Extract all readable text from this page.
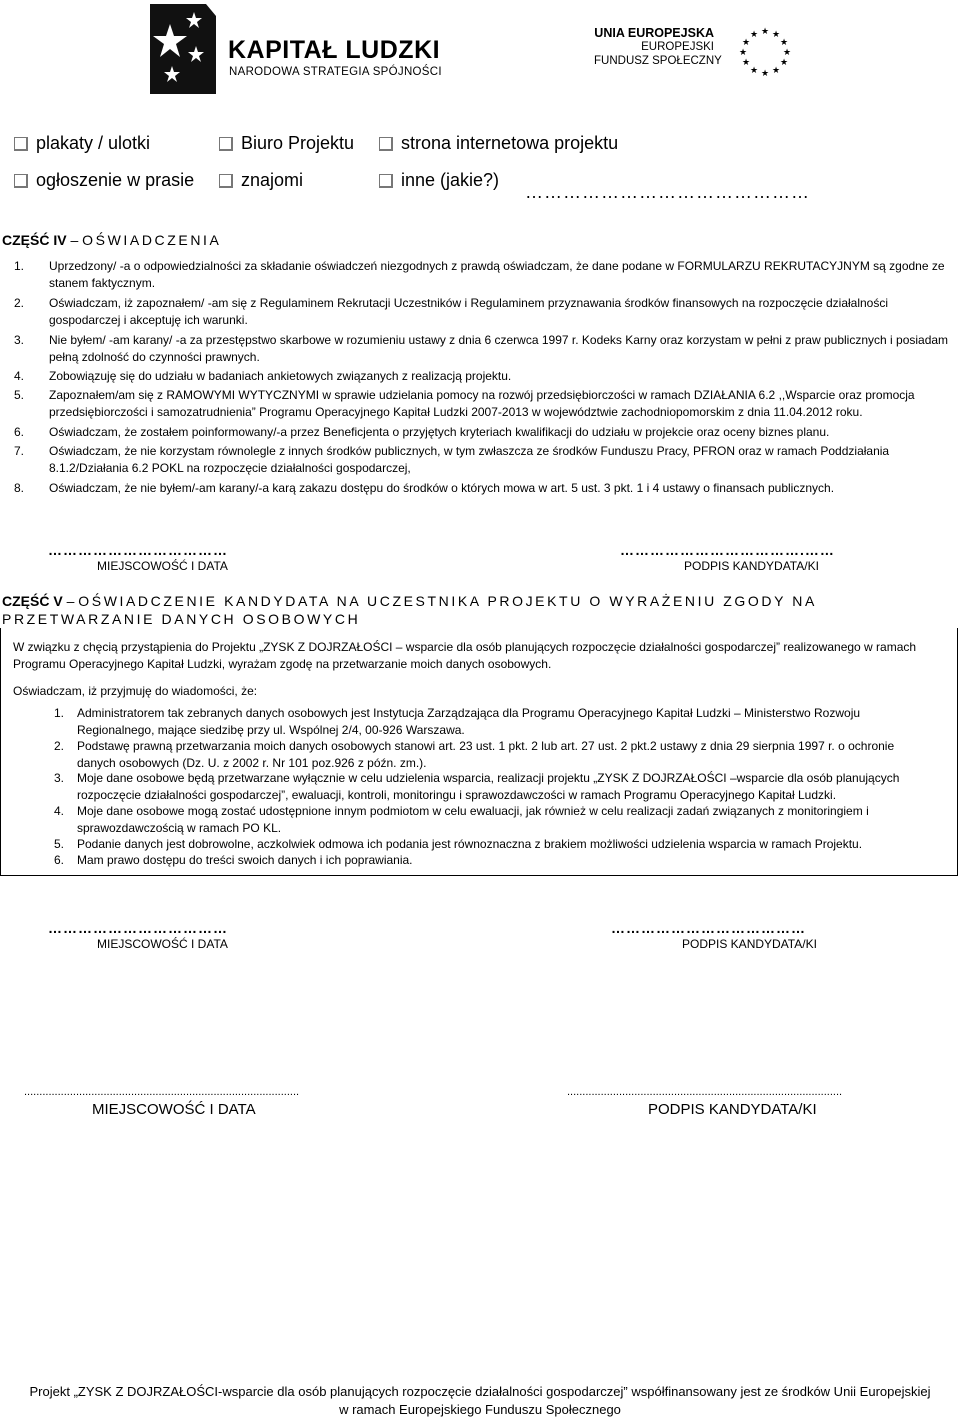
KAPITAŁ LUDZKI
NARODOWA STRATEGIA SPÓJNOŚCI
UNIA EUROPEJSKA
EUROPEJSKI
FUNDUSZ SPOŁECZNY
★ ★
★
★
★
★
★
★
★
★
★
★
plakaty / ulotki	Biuro Projektu	strona internetowa projektu
ogłoszenie w prasie	znajomi	inne (jakie?)
………………………………………
CZĘŚĆ IV – OŚWIADCZENIA
1. Uprzedzony/ -a o odpowiedzialności za składanie oświadczeń niezgodnych z prawdą oświadczam, że dane podane w FORMULARZU REKRUTACYJNYM są zgodne ze stanem faktycznym.
2. Oświadczam, iż zapoznałem/ -am się z Regulaminem Rekrutacji Uczestników i Regulaminem przyznawania środków finansowych na rozpoczęcie działalności gospodarczej i akceptuję ich warunki.
3. Nie byłem/ -am karany/ -a za przestępstwo skarbowe w rozumieniu ustawy z dnia 6 czerwca 1997 r. Kodeks Karny oraz korzystam w pełni z praw publicznych i posiadam pełną zdolność do czynności prawnych.
4. Zobowiązuję się do udziału w badaniach ankietowych związanych z realizacją projektu.
5. Zapoznałem/am się z RAMOWYMI WYTYCZNYMI w sprawie udzielania pomocy na rozwój przedsiębiorczości w ramach DZIAŁANIA 6.2 ,,Wsparcie oraz promocja przedsiębiorczości i samozatrudnienia” Programu Operacyjnego Kapitał Ludzki 2007-2013 w województwie zachodniopomorskim z dnia 11.04.2012 roku.
6. Oświadczam, że zostałem poinformowany/-a przez Beneficjenta o przyjętych kryteriach kwalifikacji do udziału w projekcie oraz oceny biznes planu.
7. Oświadczam, że nie korzystam równolegle z innych środków publicznych, w tym zwłaszcza ze środków Funduszu Pracy, PFRON oraz w ramach Poddziałania 8.1.2/Działania 6.2 POKL na rozpoczęcie działalności gospodarczej,
8. Oświadczam, że nie byłem/-am karany/-a karą zakazu dostępu do środków o których mowa w art. 5 ust. 3 pkt. 1 i 4 ustawy o finansach publicznych.
………………………………
MIEJSCOWOŚĆ I DATA
……………………………….……
PODPIS KANDYDATA/KI
CZĘŚĆ V – OŚWIADCZENIE KANDYDATA NA UCZESTNIKA PROJEKTU O WYRAŻENIU ZGODY NA
PRZETWARZANIE DANYCH OSOBOWYCH
W związku z chęcią przystąpienia do Projektu „ZYSK Z DOJRZAŁOŚCI – wsparcie dla osób planujących rozpoczęcie działalności gospodarczej” realizowanego w ramach Programu Operacyjnego Kapitał Ludzki, wyrażam zgodę na przetwarzanie moich danych osobowych.
Oświadczam, iż przyjmuję do wiadomości, że:
1. Administratorem tak zebranych danych osobowych jest Instytucja Zarządzająca dla Programu Operacyjnego Kapitał Ludzki – Ministerstwo Rozwoju Regionalnego, mające siedzibę przy ul. Wspólnej 2/4, 00-926 Warszawa.
2. Podstawę prawną przetwarzania moich danych osobowych stanowi art. 23 ust. 1 pkt. 2 lub art. 27 ust. 2 pkt.2 ustawy z dnia 29 sierpnia 1997 r. o ochronie danych osobowych (Dz. U. z 2002 r. Nr 101 poz.926 z późn. zm.).
3. Moje dane osobowe będą przetwarzane wyłącznie w celu udzielenia wsparcia, realizacji projektu „ZYSK Z DOJRZAŁOŚCI –wsparcie dla osób planujących rozpoczęcie działalności gospodarczej”, ewaluacji, kontroli, monitoringu i sprawozdawczości w ramach Programu Operacyjnego Kapitał Ludzki.
4. Moje dane osobowe mogą zostać udostępnione innym podmiotom w celu ewaluacji, jak również w celu realizacji zadań związanych z monitoringiem i sprawozdawczością w ramach PO KL.
5. Podanie danych jest dobrowolne, aczkolwiek odmowa ich podania jest równoznaczna z brakiem możliwości udzielenia wsparcia w ramach Projektu.
6. Mam prawo dostępu do treści swoich danych i ich poprawiania.
………………………………
MIEJSCOWOŚĆ I DATA
…………………………………
PODPIS KANDYDATA/KI
..........................................................................................
MIEJSCOWOŚĆ I DATA
..........................................................................................
PODPIS KANDYDATA/KI
Projekt „ZYSK Z DOJRZAŁOŚCI-wsparcie dla osób planujących rozpoczęcie działalności gospodarczej” współfinansowany jest ze środków Unii Europejskiej
w ramach Europejskiego Funduszu Społecznego
